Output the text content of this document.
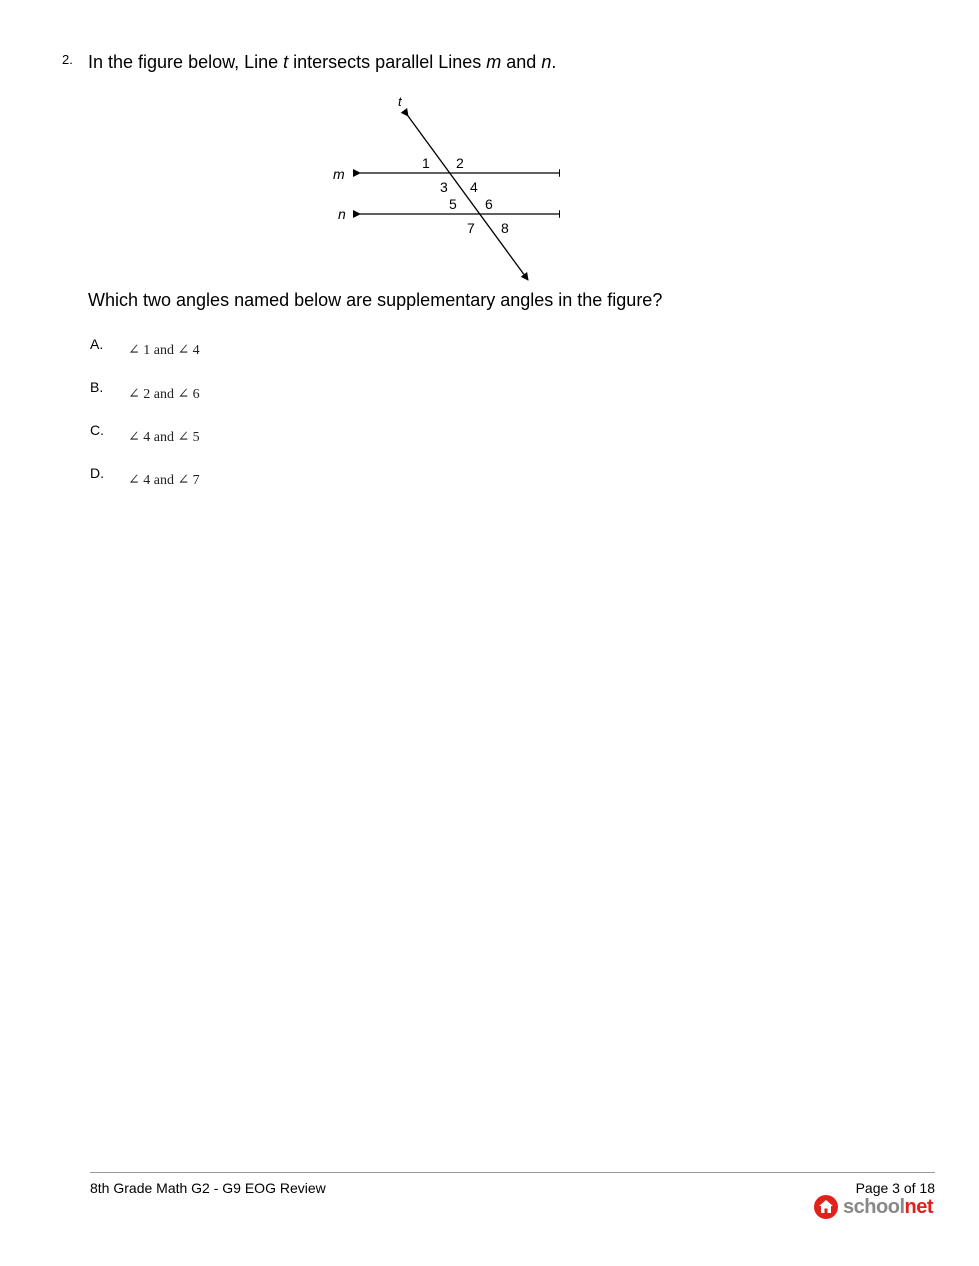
2. In the figure below, Line t intersects parallel Lines m and n.
t
m
n
1 2
3 4
5 6
7 8
Which two angles named below are supplementary angles in the figure?
A. ∠ 1 and ∠ 4
B. ∠ 2 and ∠ 6
C. ∠ 4 and ∠ 5
D. ∠ 4 and ∠ 7
8th Grade Math G2 - G9 EOG Review	Page 3 of 18
schoolnet
